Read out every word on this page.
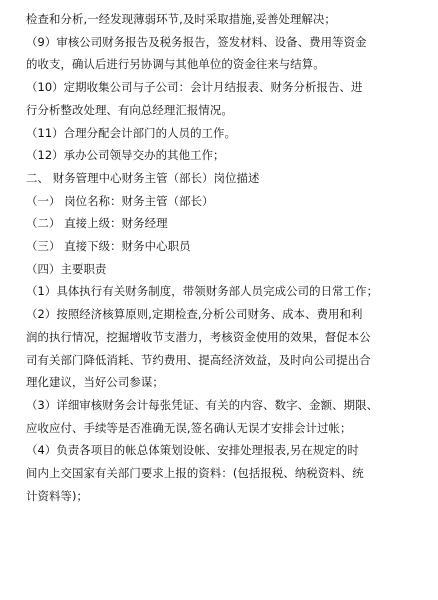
检查和分析,一经发现薄弱环节,及时采取措施,妥善处理解决；
（9）审核公司财务报告及税务报告，签发材料、设备、费用等资金
的收支，确认后进行另协调与其他单位的资金往来与结算。
（10）定期收集公司与子公司：会计月结报表、财务分析报告、进
行分析整改处理、有向总经理汇报情况。
（11）合理分配会计部门的人员的工作。
（12）承办公司领导交办的其他工作；
二、 财务管理中心财务主管（部长）岗位描述
（一） 岗位名称：财务主管（部长）
（二） 直接上级：财务经理
（三） 直接下级：财务中心职员
（四）主要职责
（1）具体执行有关财务制度，带领财务部人员完成公司的日常工作；
（2）按照经济核算原则,定期检查,分析公司财务、成本、费用和利
润的执行情况，挖掘增收节支潜力，考核资金使用的效果，督促本公
司有关部门降低消耗、节约费用、提高经济效益，及时向公司提出合
理化建议，当好公司参谋；
（3）详细审核财务会计每张凭证、有关的内容、数字、金额、期限、
应收应付、手续等是否准确无误,签名确认无误才安排会计过帐；
（4）负责各项目的帐总体策划设帐、安排处理报表,另在规定的时
间内上交国家有关部门要求上报的资料：(包括报税、纳税资料、统
计资料等)；
